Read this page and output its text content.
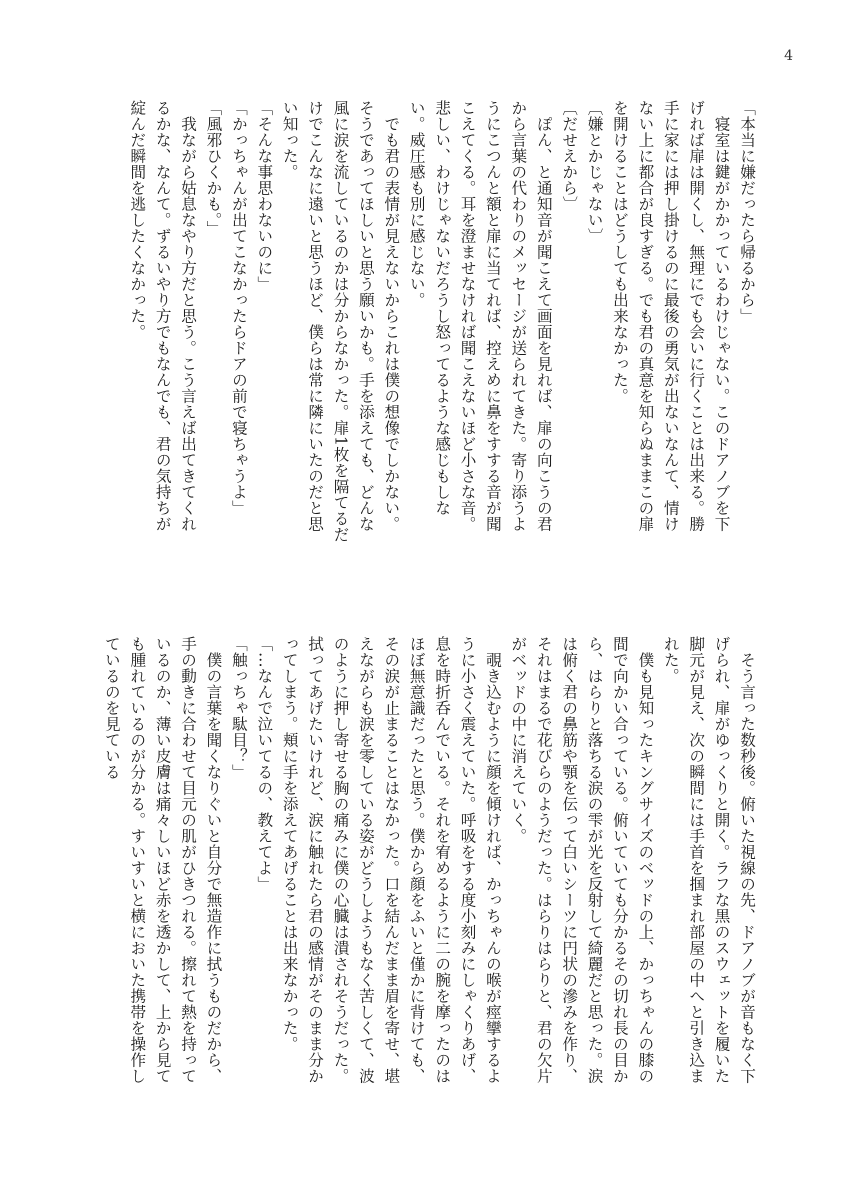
4

「本当に嫌だったら帰るから」

　寝室は鍵がかかっているわけじゃない。このドアノブを下げれば扉は開くし、無理にでも会いに行くことは出来る。勝手に家には押し掛けるのに最後の勇気が出ないなんて、情けない上に都合が良すぎる。でも君の真意を知らぬままこの扉を開けることはどうしても出来なかった。

〔嫌とかじゃない〕

〔だせえから〕

　ぽん、と通知音が聞こえて画面を見れば、扉の向こうの君から言葉の代わりのメッセージが送られてきた。寄り添うようにこつんと額と扉に当てれば、控えめに鼻をすする音が聞こえてくる。耳を澄ませなければ聞こえないほど小さな音。悲しい、わけじゃないだろうし怒ってるような感じもしない。威圧感も別に感じない。

　でも君の表情が見えないからこれは僕の想像でしかない。そうであってほしいと思う願いかも。手を添えても、どんな風に涙を流しているのかは分からなかった。扉1枚を隔てるだけでこんなに遠いと思うほど、僕らは常に隣にいたのだと思い知った。

「そんな事思わないのに」

「かっちゃんが出てこなかったらドアの前で寝ちゃうよ」

「風邪ひくかも。」

　我ながら姑息なやり方だと思う。こう言えば出てきてくれるかな、なんて。ずるいやり方でもなんでも、君の気持ちが綻んだ瞬間を逃したくなかった。

　そう言った数秒後。俯いた視線の先、ドアノブが音もなく下げられ、扉がゆっくりと開く。ラフな黒のスウェットを履いた脚元が見え、次の瞬間には手首を掴まれ部屋の中へと引き込まれた。

　僕も見知ったキングサイズのベッドの上、かっちゃんの膝の間で向かい合っている。俯いていても分かるその切れ長の目から、はらりと落ちる涙の雫が光を反射して綺麗だと思った。涙は俯く君の鼻筋や顎を伝って白いシーツに円状の滲みを作り、それはまるで花びらのようだった。はらりはらりと、君の欠片がベッドの中に消えていく。

　覗き込むように顔を傾ければ、かっちゃんの喉が痙攣するように小さく震えていた。呼吸をする度小刻みにしゃくりあげ、息を時折呑んでいる。それを宥めるように二の腕を摩ったのはほぼ無意識だったと思う。僕から顔をふいと僅かに背けても、その涙が止まることはなかった。口を結んだまま眉を寄せ、堪えながらも涙を零している姿がどうしようもなく苦しくて、波のように押し寄せる胸の痛みに僕の心臓は潰されそうだった。拭ってあげたいけれど、涙に触れたら君の感情がそのまま分かってしまう。頬に手を添えてあげることは出来なかった。

「…なんで泣いてるの、教えてよ」

「触っちゃ駄目？」

　僕の言葉を聞くなりぐいと自分で無造作に拭うものだから、手の動きに合わせて目元の肌がひきつれる。擦れて熱を持っているのか、薄い皮膚は痛々しいほど赤を透かして、上から見ても腫れているのが分かる。すいすいと横においた携帯を操作しているのを見ている
